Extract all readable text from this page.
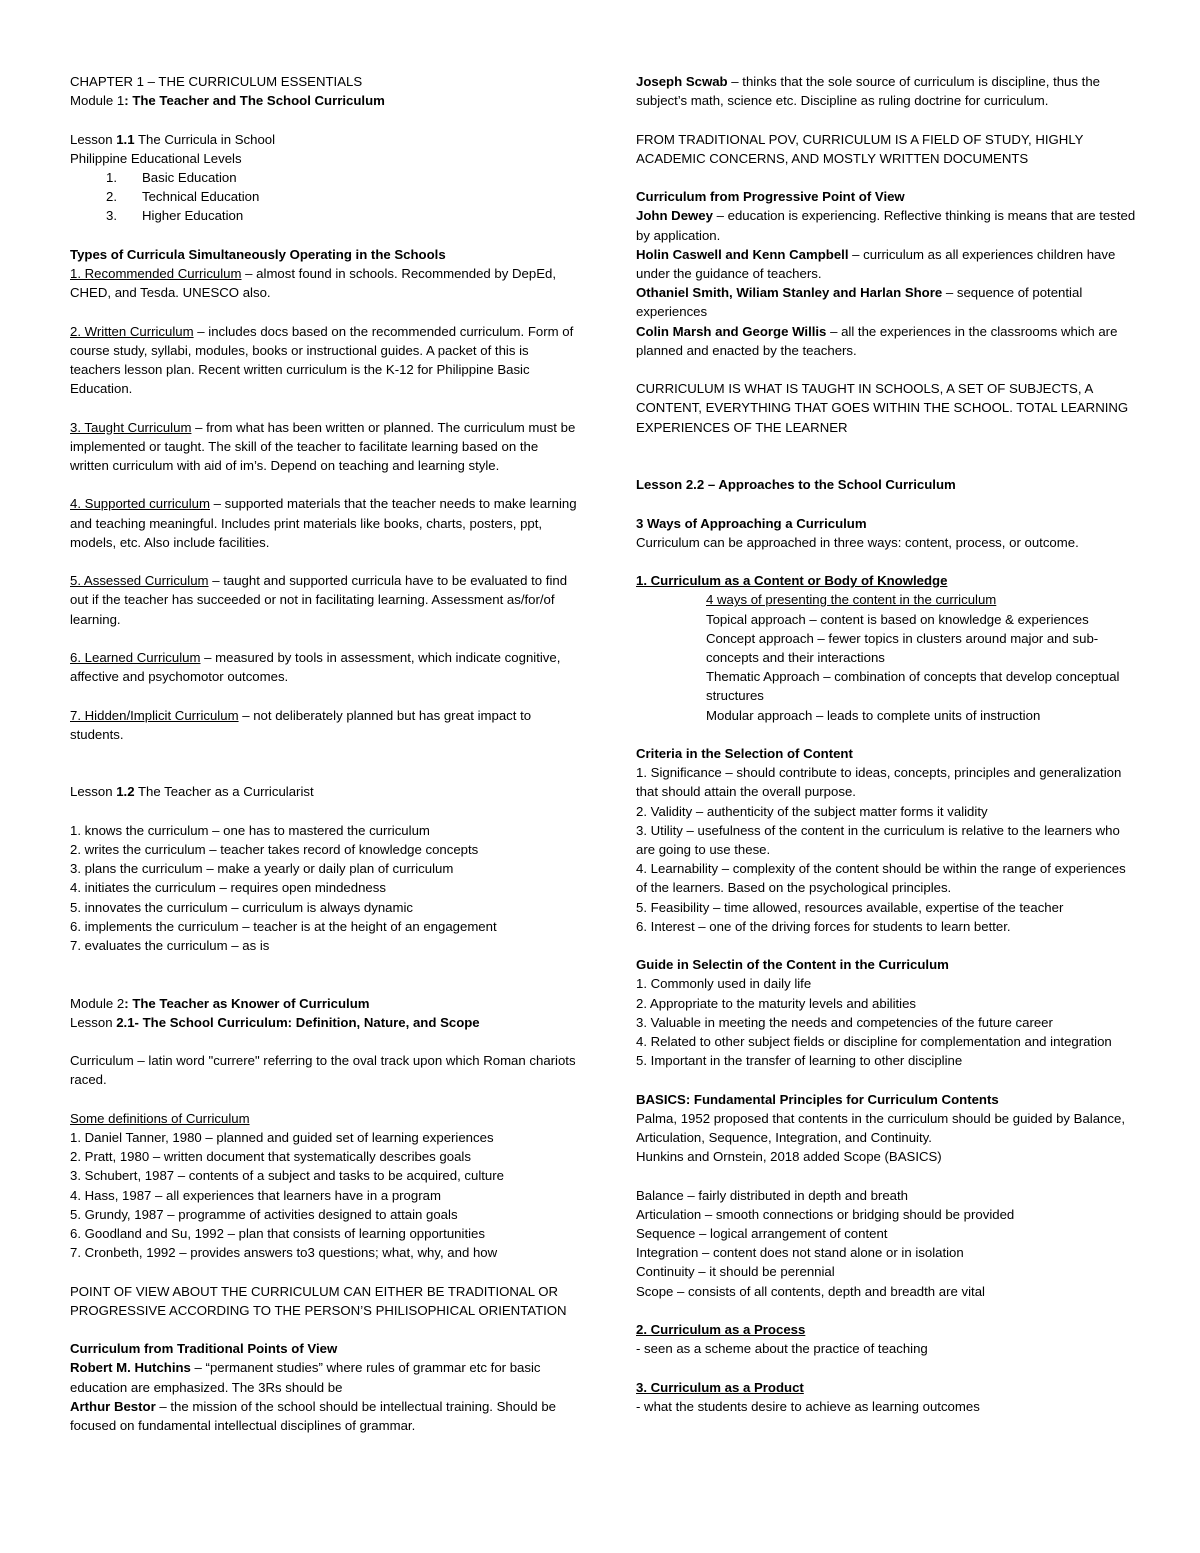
CHAPTER 1 – THE CURRICULUM ESSENTIALS

Module 1: The Teacher and The School Curriculum

Lesson 1.1 The Curricula in School

Philippine Educational Levels

1.	Basic Education
2.	Technical Education
3.	Higher Education

Types of Curricula Simultaneously Operating in the Schools

1. Recommended Curriculum – almost found in schools. Recommended by DepEd, CHED, and Tesda. UNESCO also.

2. Written Curriculum – includes docs based on the recommended curriculum. Form of course study, syllabi, modules, books or instructional guides. A packet of this is teachers lesson plan. Recent written curriculum is the K-12 for Philippine Basic Education.

3. Taught Curriculum – from what has been written or planned. The curriculum must be implemented or taught. The skill of the teacher to facilitate learning based on the written curriculum with aid of im’s. Depend on teaching and learning style.

4. Supported curriculum – supported materials that the teacher needs to make learning and teaching meaningful. Includes print materials like books, charts, posters, ppt, models, etc. Also include facilities.

5. Assessed Curriculum – taught and supported curricula have to be evaluated to find out if the teacher has succeeded or not in facilitating learning. Assessment as/for/of learning.

6. Learned Curriculum – measured by tools in assessment, which indicate cognitive, affective and psychomotor outcomes.

7. Hidden/Implicit Curriculum – not deliberately planned but has great impact to students.

Lesson 1.2 The Teacher as a Curricularist

1. knows the curriculum – one has to mastered the curriculum

2. writes the curriculum – teacher takes record of knowledge concepts

3. plans the curriculum – make a yearly or daily plan of curriculum

4. initiates the curriculum – requires open mindedness

5. innovates the curriculum – curriculum is always dynamic

6. implements the curriculum – teacher is at the height of an engagement

7. evaluates the curriculum – as is

Module 2: The Teacher as Knower of Curriculum

Lesson 2.1- The School Curriculum: Definition, Nature, and Scope

Curriculum – latin word "currere" referring to the oval track upon which Roman chariots raced.

Some definitions of Curriculum

1. Daniel Tanner, 1980 – planned and guided set of learning experiences

2. Pratt, 1980 – written document that systematically describes goals

3. Schubert, 1987 – contents of a subject and tasks to be acquired, culture

4. Hass, 1987 – all experiences that learners have in a program

5. Grundy, 1987 – programme of activities designed to attain goals

6. Goodland and Su, 1992 – plan that consists of learning opportunities

7. Cronbeth, 1992 – provides answers to3 questions; what, why, and how

POINT OF VIEW ABOUT THE CURRICULUM CAN EITHER BE TRADITIONAL OR PROGRESSIVE ACCORDING TO THE PERSON’S PHILISOPHICAL ORIENTATION

Curriculum from Traditional Points of View

Robert M. Hutchins – “permanent studies” where rules of grammar etc for basic education are emphasized. The 3Rs should be

Arthur Bestor – the mission of the school should be intellectual training. Should be focused on fundamental intellectual disciplines of grammar.

Joseph Scwab – thinks that the sole source of curriculum is discipline, thus the subject’s math, science etc. Discipline as ruling doctrine for curriculum.

FROM TRADITIONAL POV, CURRICULUM IS A FIELD OF STUDY, HIGHLY ACADEMIC CONCERNS, AND MOSTLY WRITTEN DOCUMENTS

Curriculum from Progressive Point of View

John Dewey – education is experiencing. Reflective thinking is means that are tested by application.

Holin Caswell and Kenn Campbell – curriculum as all experiences children have under the guidance of teachers.

Othaniel Smith, Wiliam Stanley and Harlan Shore – sequence of potential experiences

Colin Marsh and George Willis – all the experiences in the classrooms which are planned and enacted by the teachers.

CURRICULUM IS WHAT IS TAUGHT IN SCHOOLS, A SET OF SUBJECTS, A CONTENT, EVERYTHING THAT GOES WITHIN THE SCHOOL. TOTAL LEARNING EXPERIENCES OF THE LEARNER

Lesson 2.2 – Approaches to the School Curriculum

3 Ways of Approaching a Curriculum

Curriculum can be approached in three ways: content, process, or outcome.

1. Curriculum as a Content or Body of Knowledge

4 ways of presenting the content in the curriculum

Topical approach – content is based on knowledge & experiences

Concept approach – fewer topics in clusters around major and sub-concepts and their interactions

Thematic Approach – combination of concepts that develop conceptual structures

Modular approach – leads to complete units of instruction

Criteria in the Selection of Content

1. Significance – should contribute to ideas, concepts, principles and generalization that should attain the overall purpose.

2. Validity – authenticity of the subject matter forms it validity

3. Utility – usefulness of the content in the curriculum is relative to the learners who are going to use these.

4. Learnability – complexity of the content should be within the range of experiences of the learners. Based on the psychological principles.

5. Feasibility – time allowed, resources available, expertise of the teacher

6. Interest – one of the driving forces for students to learn better.

Guide in Selectin of the Content in the Curriculum

1. Commonly used in daily life

2. Appropriate to the maturity levels and abilities

3. Valuable in meeting the needs and competencies of the future career

4. Related to other subject fields or discipline for complementation and integration

5. Important in the transfer of learning to other discipline

BASICS: Fundamental Principles for Curriculum Contents

Palma, 1952 proposed that contents in the curriculum should be guided by Balance, Articulation, Sequence, Integration, and Continuity.

Hunkins and Ornstein, 2018 added Scope (BASICS)

Balance – fairly distributed in depth and breath

Articulation – smooth connections or bridging should be provided

Sequence – logical arrangement of content

Integration – content does not stand alone or in isolation

Continuity – it should be perennial

Scope – consists of all contents, depth and breadth are vital

2. Curriculum as a Process

- seen as a scheme about the practice of teaching

3. Curriculum as a Product

- what the students desire to achieve as learning outcomes
